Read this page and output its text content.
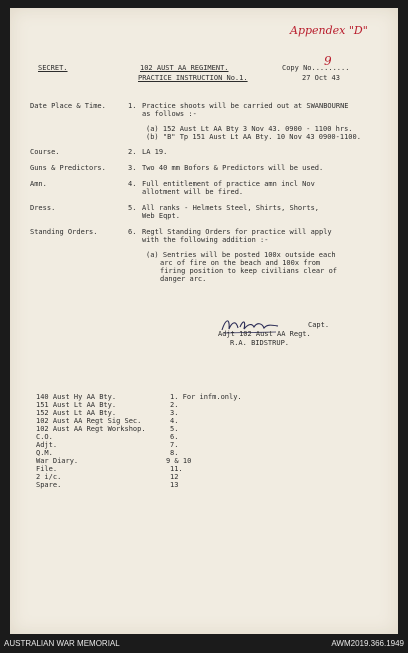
Appendex "D"
SECRET.	102 AUST AA REGIMENT.	Copy No.........
9
PRACTICE INSTRUCTION No.1.	27 Oct 43
Date Place & Time.	1. Practice shoots will be carried out at SWANBOURNE
as follows :-
(a) 152 Aust Lt AA Bty 3 Nov 43. 0900 - 1100 hrs.
(b) "B" Tp 151 Aust Lt AA Bty. 10 Nov 43 0900-1100.
Course.	2. LA 19.
Guns & Predictors.	3. Two 40 mm Bofors & Predictors will be used.
Amn.	4. Full entitlement of practice amn incl Nov
allotment will be fired.
Dress.	5. All ranks - Helmets Steel, Shirts, Shorts,
Web Eqpt.
Standing Orders.	6. Regtl Standing Orders for practice will apply
with the following addition :-
(a) Sentries will be posted 100x outside each
arc of fire on the beach and 100x from
firing position to keep civilians clear of
danger arc.
Capt.
Adjt 102 Aust AA Regt.
R.A. BIDSTRUP.
140 Aust Hy AA Bty.	1. For infm.only.
151 Aust Lt AA Bty.	2.
152 Aust Lt AA Bty.	3.
102 Aust AA Regt Sig Sec.	4.
102 Aust AA Regt Workshop.	5.
C.O.	6.
Adjt.	7.
Q.M.	8.
War Diary.	9 & 10
File.	11.
2 i/c.	12
Spare.	13
AUSTRALIAN WAR MEMORIAL	AWM2019.366.1949
